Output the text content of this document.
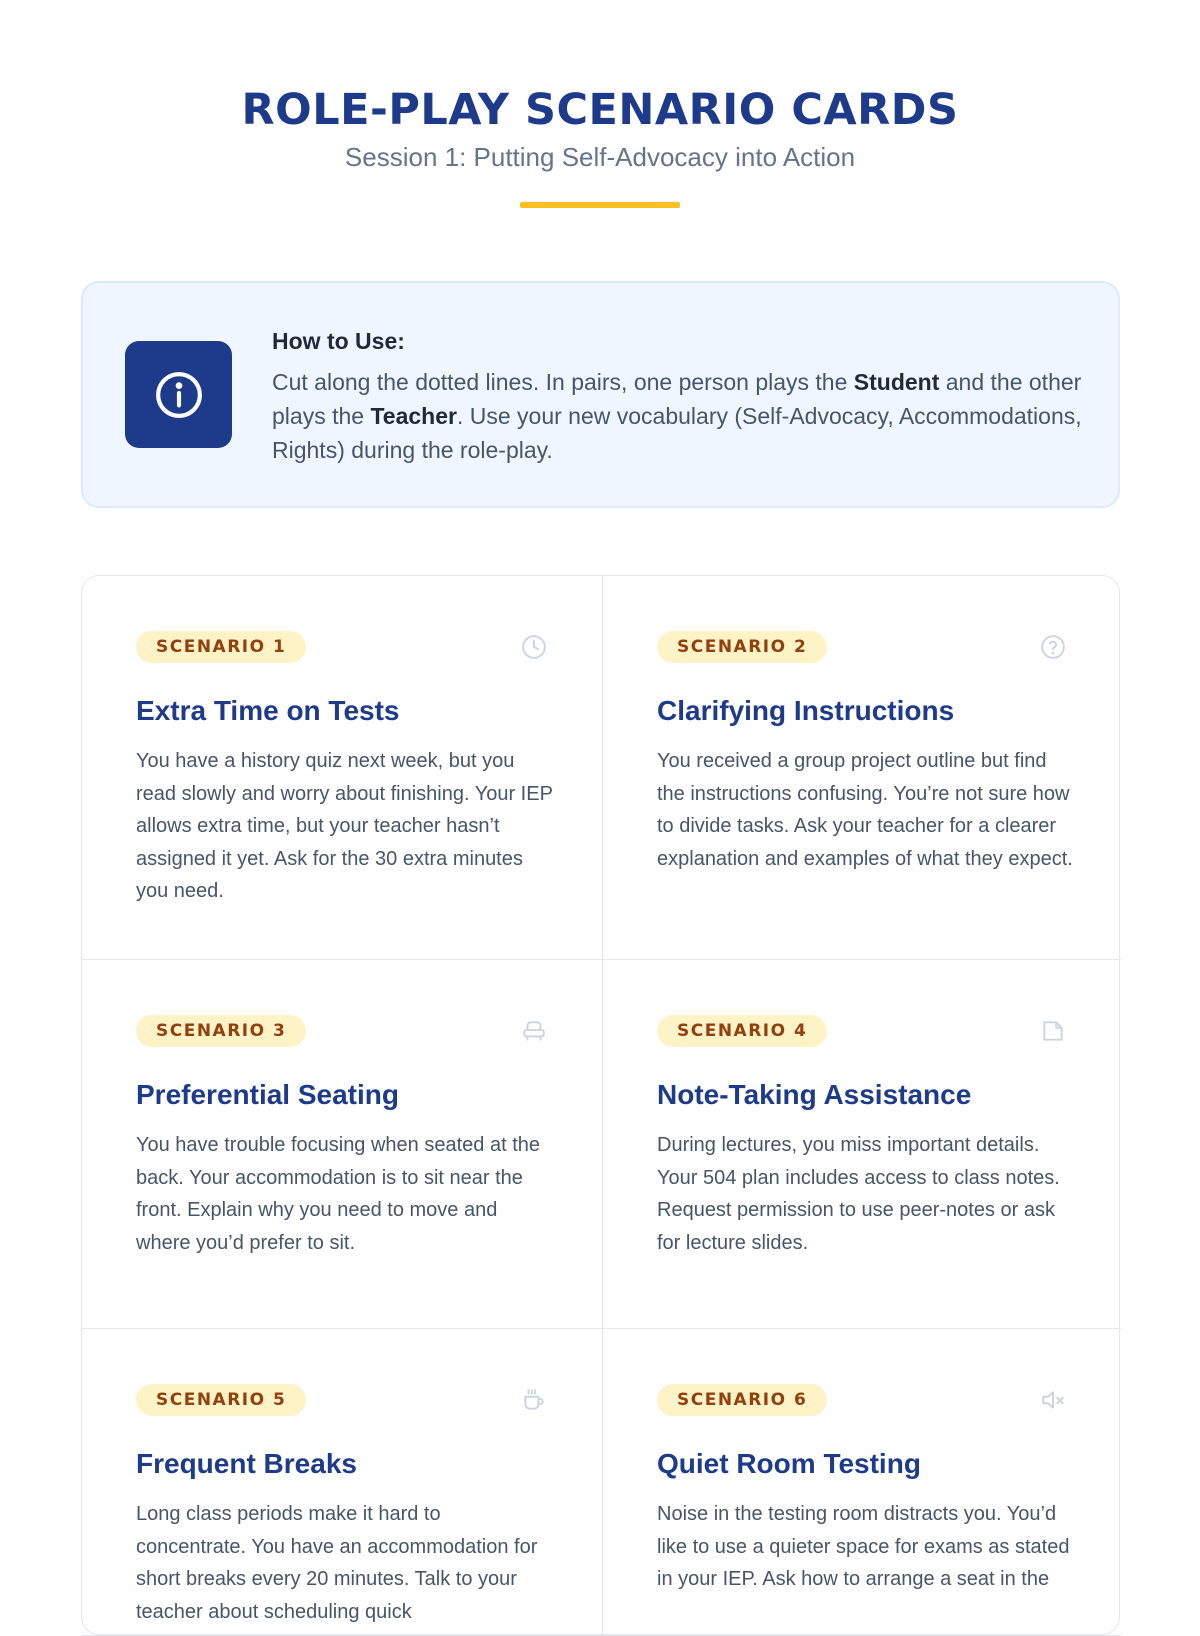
ROLE-PLAY SCENARIO CARDS
Session 1: Putting Self-Advocacy into Action
How to Use:
Cut along the dotted lines. In pairs, one person plays the Student and the other plays the Teacher. Use your new vocabulary (Self-Advocacy, Accommodations, Rights) during the role-play.
SCENARIO 1
Extra Time on Tests
You have a history quiz next week, but you read slowly and worry about finishing. Your IEP allows extra time, but your teacher hasn’t assigned it yet. Ask for the 30 extra minutes you need.
SCENARIO 2
Clarifying Instructions
You received a group project outline but find the instructions confusing. You’re not sure how to divide tasks. Ask your teacher for a clearer explanation and examples of what they expect.
SCENARIO 3
Preferential Seating
You have trouble focusing when seated at the back. Your accommodation is to sit near the front. Explain why you need to move and where you’d prefer to sit.
SCENARIO 4
Note-Taking Assistance
During lectures, you miss important details. Your 504 plan includes access to class notes. Request permission to use peer-notes or ask for lecture slides.
SCENARIO 5
Frequent Breaks
Long class periods make it hard to concentrate. You have an accommodation for short breaks every 20 minutes. Talk to your teacher about scheduling quick
SCENARIO 6
Quiet Room Testing
Noise in the testing room distracts you. You’d like to use a quieter space for exams as stated in your IEP. Ask how to arrange a seat in the
